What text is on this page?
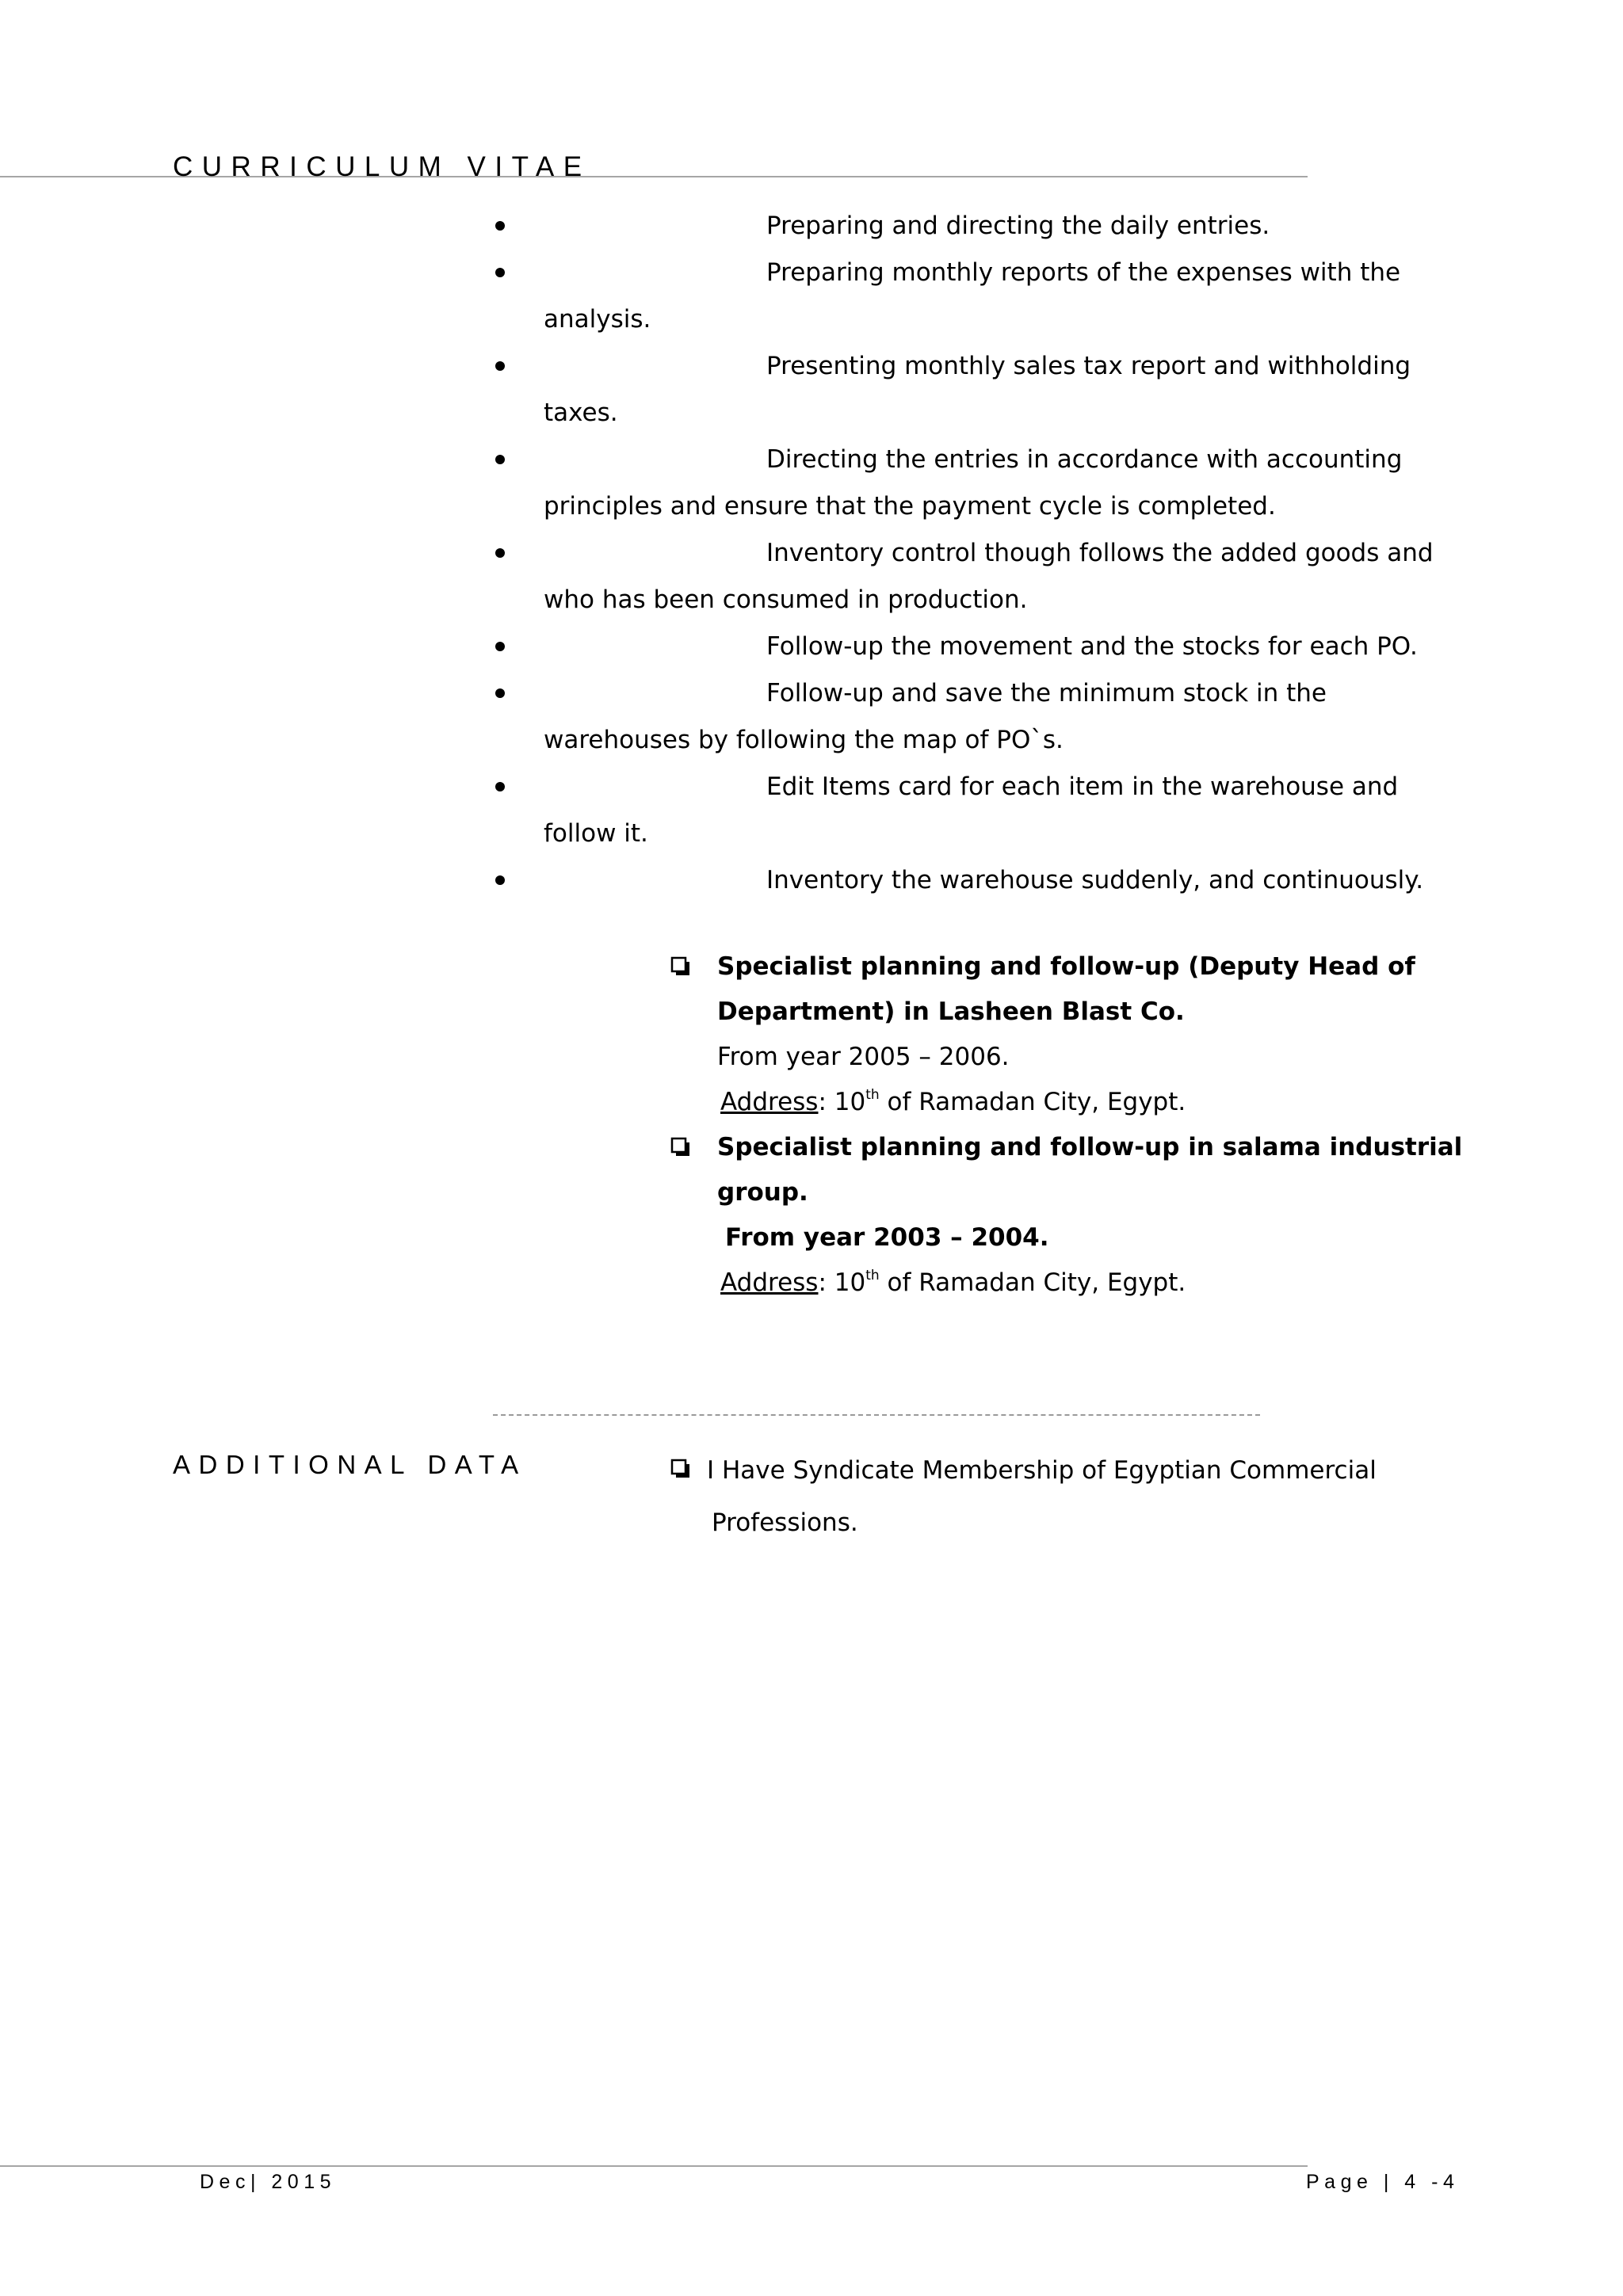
CURRICULUM VITAE
Preparing and directing the daily entries.
Preparing monthly reports of the expenses with the
analysis.
Presenting monthly sales tax report and withholding
taxes.
Directing the entries in accordance with accounting
principles and ensure that the payment cycle is completed.
Inventory control though follows the added goods and
who has been consumed in production.
Follow-up the movement and the stocks for each PO.
Follow-up and save the minimum stock in the
warehouses by following the map of PO`s.
Edit Items card for each item in the warehouse and
follow it.
Inventory the warehouse suddenly, and continuously.
Specialist planning and follow-up (Deputy Head of
Department) in Lasheen Blast Co.
From year 2005 – 2006.
Address: 10th of Ramadan City, Egypt.
Specialist planning and follow-up in salama industrial
group.
From year 2003 – 2004.
Address: 10th of Ramadan City, Egypt.
ADDITIONAL DATA	I Have Syndicate Membership of Egyptian Commercial
Professions.
Dec| 2015	Page | 4 -4
